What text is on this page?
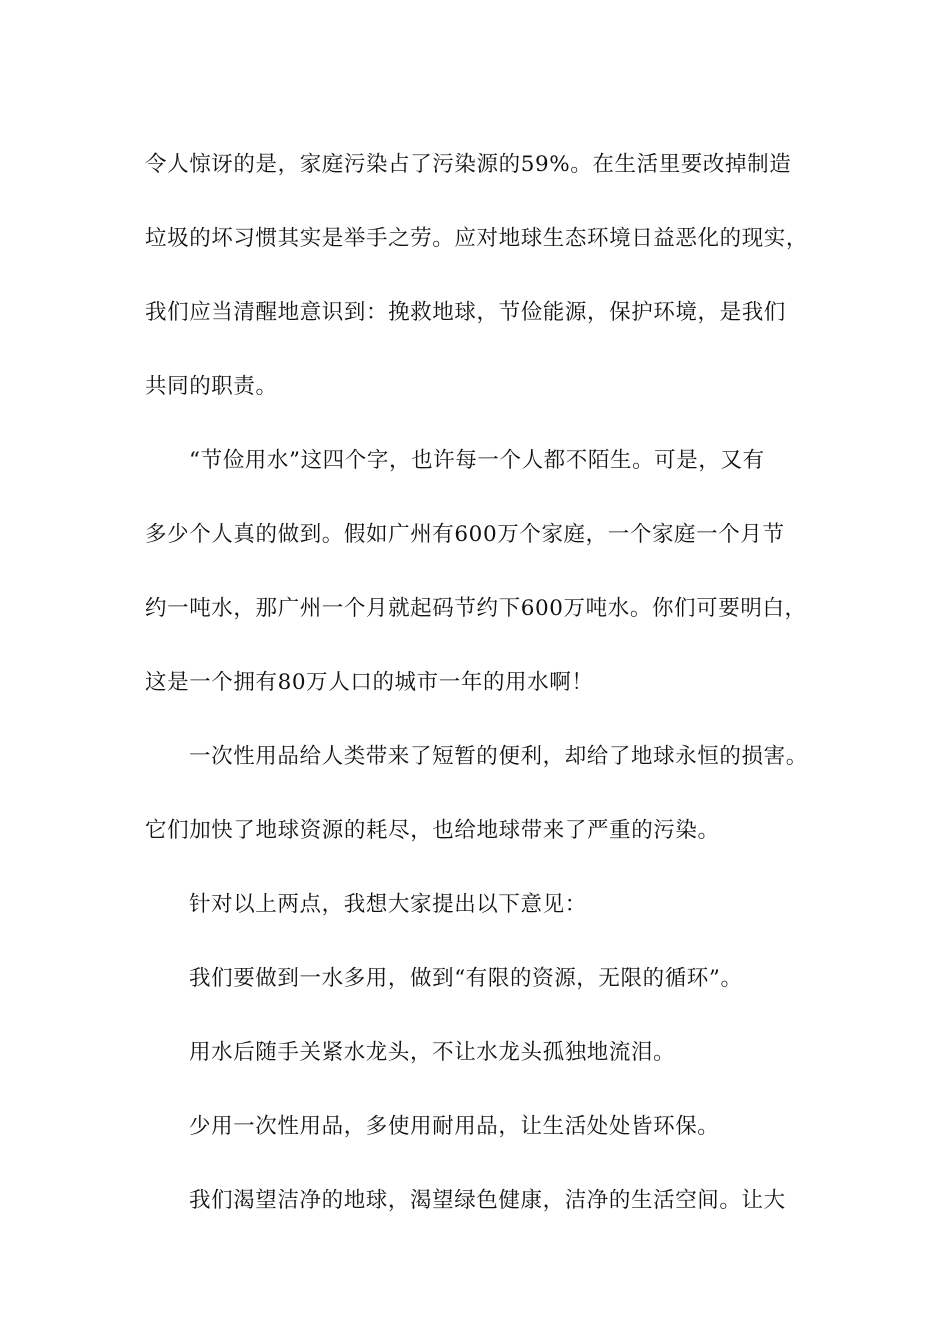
令人惊讶的是，家庭污染占了污染源的59%。在生活里要改掉制造
垃圾的坏习惯其实是举手之劳。应对地球生态环境日益恶化的现实，
我们应当清醒地意识到：挽救地球，节俭能源，保护环境，是我们
共同的职责。
“节俭用水”这四个字，也许每一个人都不陌生。可是，又有
多少个人真的做到。假如广州有600万个家庭，一个家庭一个月节
约一吨水，那广州一个月就起码节约下600万吨水。你们可要明白，
这是一个拥有80万人口的城市一年的用水啊！
一次性用品给人类带来了短暂的便利，却给了地球永恒的损害。
它们加快了地球资源的耗尽，也给地球带来了严重的污染。
针对以上两点，我想大家提出以下意见：
我们要做到一水多用，做到“有限的资源，无限的循环”。
用水后随手关紧水龙头，不让水龙头孤独地流泪。
少用一次性用品，多使用耐用品，让生活处处皆环保。
我们渴望洁净的地球，渴望绿色健康，洁净的生活空间。让大
